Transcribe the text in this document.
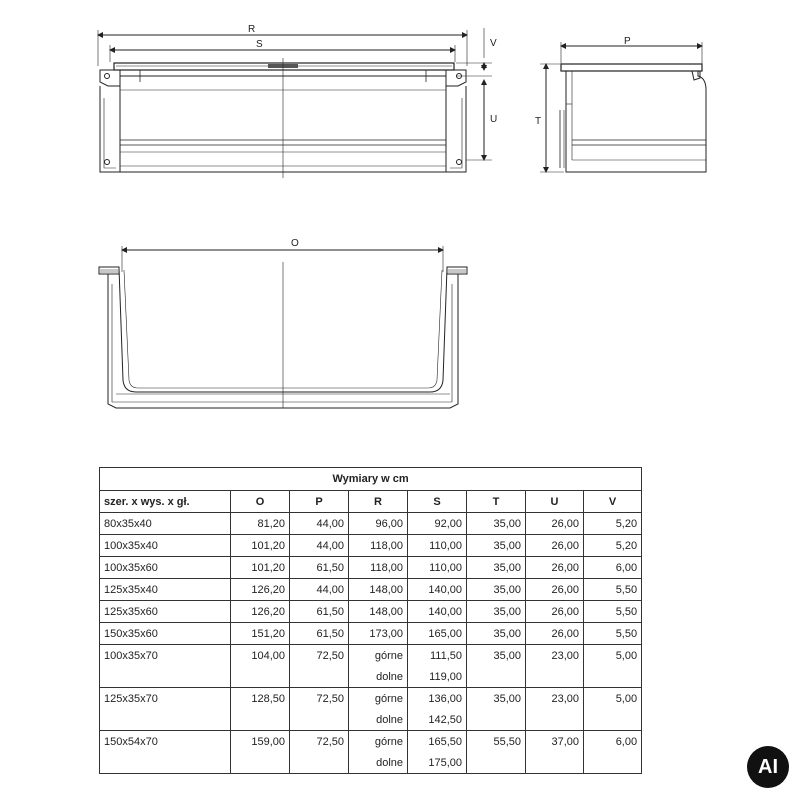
R
S	V
U
P
T
O
Wymiary w cm							
szer. x wys. x gł.	O	P	R	S	T	U	V
80x35x40	81,20	44,00	96,00	92,00	35,00	26,00	5,20
100x35x40	101,20	44,00	118,00	110,00	35,00	26,00	5,20
100x35x60	101,20	61,50	118,00	110,00	35,00	26,00	6,00
125x35x40	126,20	44,00	148,00	140,00	35,00	26,00	5,50
125x35x60	126,20	61,50	148,00	140,00	35,00	26,00	5,50
150x35x60	151,20	61,50	173,00	165,00	35,00	26,00	5,50
100x35x70	104,00	72,50	górne	111,50	35,00	23,00	5,00
			dolne	119,00			
125x35x70	128,50	72,50	górne	136,00	35,00	23,00	5,00
			dolne	142,50			
150x54x70	159,00	72,50	górne	165,50	55,50	37,00	6,00
			dolne	175,00				AI
